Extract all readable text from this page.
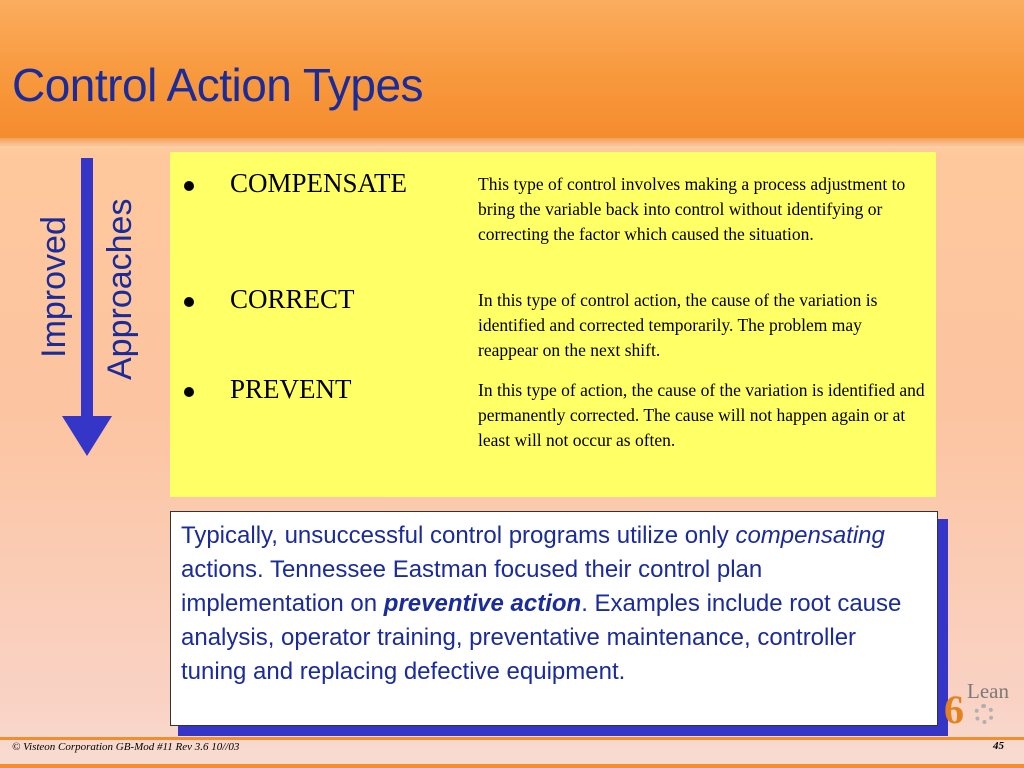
Control Action Types
Improved Approaches
COMPENSATE	This type of control involves making a process adjustment to bring the variable back into control without identifying or correcting the factor which caused the situation.
CORRECT	In this type of control action, the cause of the variation is identified and corrected temporarily. The problem may reappear on the next shift.
PREVENT	In this type of action, the cause of the variation is identified and permanently corrected. The cause will not happen again or at least will not occur as often.
Typically, unsuccessful control programs utilize only compensating actions. Tennessee Eastman focused their control plan implementation on preventive action. Examples include root cause analysis, operator training, preventative maintenance, controller tuning and replacing defective equipment.
6 Lean
© Visteon Corporation GB-Mod #11 Rev 3.6 10//03	45
